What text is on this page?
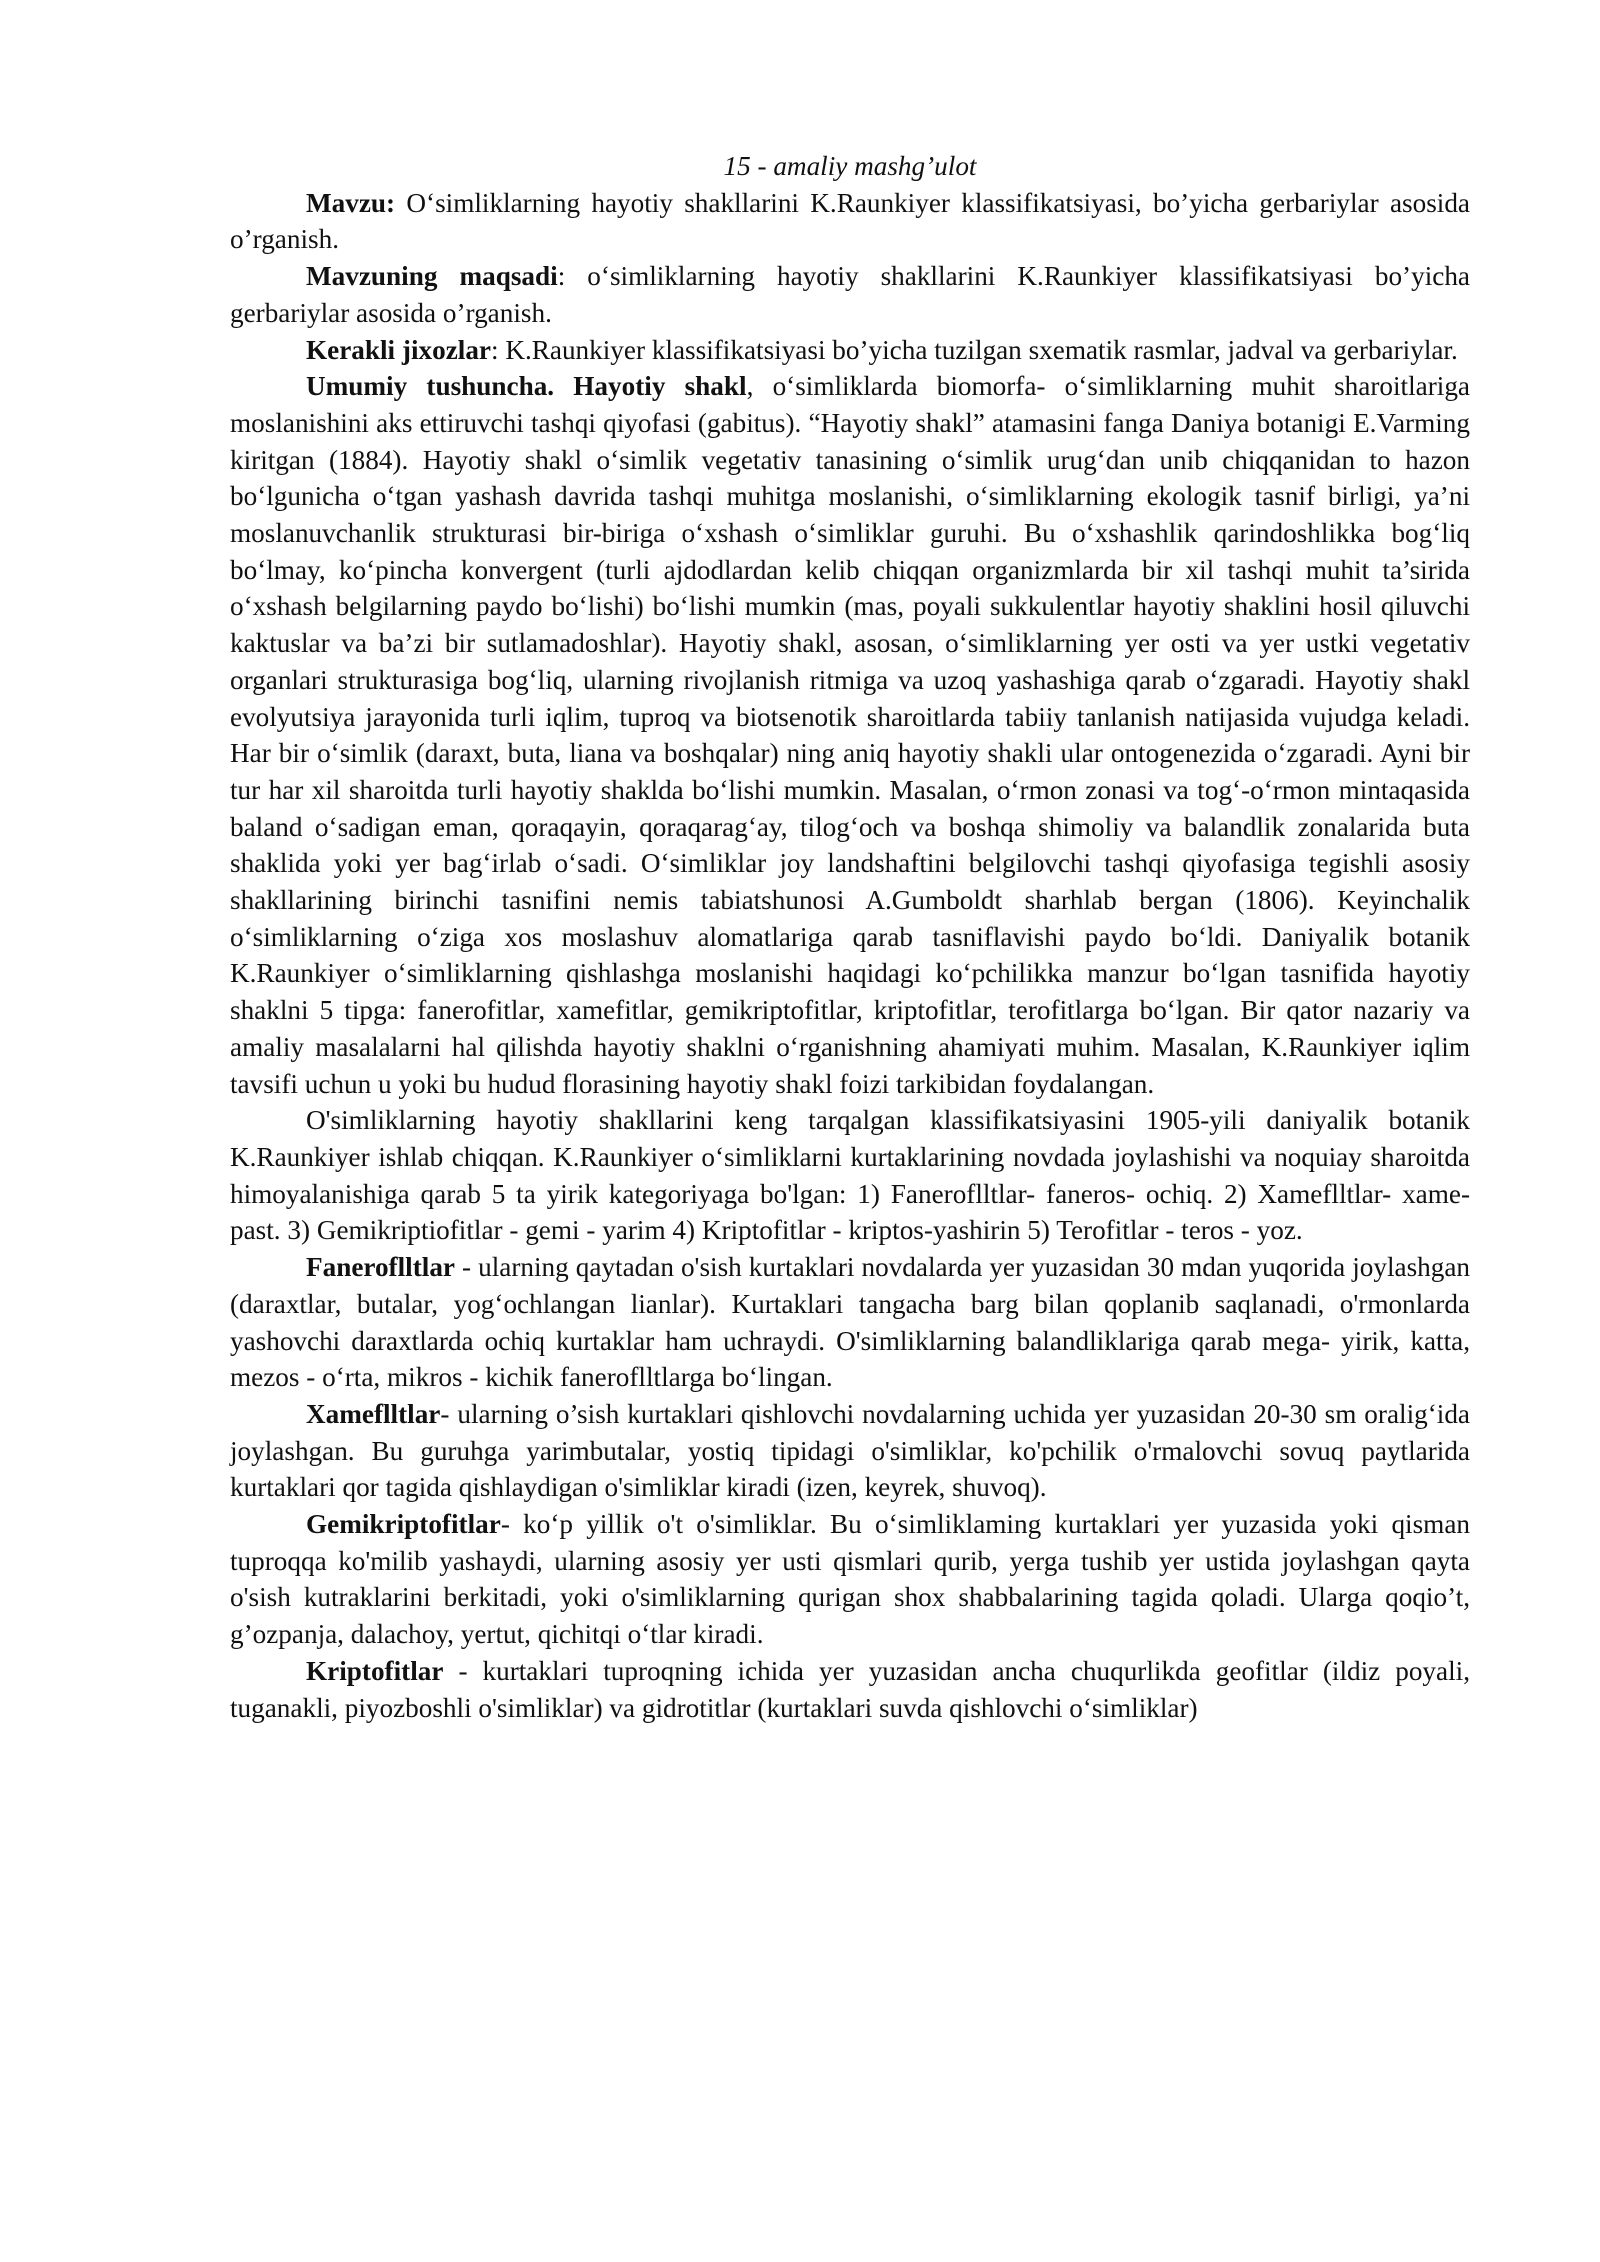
15 - amaliy mashg’ulot

Mavzu: O‘simliklarning hayotiy shakllarini K.Raunkiyer klassifikatsiyasi, bo’yicha gerbariylar asosida o’rganish.

Mavzuning maqsadi: o‘simliklarning hayotiy shakllarini K.Raunkiyer klassifikatsiyasi bo’yicha gerbariylar asosida o’rganish.

Kerakli jixozlar: K.Raunkiyer klassifikatsiyasi bo’yicha tuzilgan sxematik rasmlar, jadval va gerbariylar.

Umumiy tushuncha. Hayotiy shakl, o‘simliklarda biomorfa- o‘simliklarning muhit sharoitlariga moslanishini aks ettiruvchi tashqi qiyofasi (gabitus). “Hayotiy shakl” atamasini fanga Daniya botanigi E.Varming kiritgan (1884). Hayotiy shakl o‘simlik vegetativ tanasining o‘simlik urug‘dan unib chiqqanidan to hazon bo‘lgunicha o‘tgan yashash davrida tashqi muhitga moslanishi, o‘simliklarning ekologik tasnif birligi, ya’ni moslanuvchanlik strukturasi bir-biriga o‘xshash o‘simliklar guruhi. Bu o‘xshashlik qarindoshlikka bog‘liq bo‘lmay, ko‘pincha konvergent (turli ajdodlardan kelib chiqqan organizmlarda bir xil tashqi muhit ta’sirida o‘xshash belgilarning paydo bo‘lishi) bo‘lishi mumkin (mas, poyali sukkulentlar hayotiy shaklini hosil qiluvchi kaktuslar va ba’zi bir sutlamadoshlar). Hayotiy shakl, asosan, o‘simliklarning yer osti va yer ustki vegetativ organlari strukturasiga bog‘liq, ularning rivojlanish ritmiga va uzoq yashashiga qarab o‘zgaradi. Hayotiy shakl evolyutsiya jarayonida turli iqlim, tuproq va biotsenotik sharoitlarda tabiiy tanlanish natijasida vujudga keladi. Har bir o‘simlik (daraxt, buta, liana va boshqalar) ning aniq hayotiy shakli ular ontogenezida o‘zgaradi. Ayni bir tur har xil sharoitda turli hayotiy shaklda bo‘lishi mumkin. Masalan, o‘rmon zonasi va tog‘-o‘rmon mintaqasida baland o‘sadigan eman, qoraqayin, qoraqarag‘ay, tilog‘och va boshqa shimoliy va balandlik zonalarida buta shaklida yoki yer bag‘irlab o‘sadi. O‘simliklar joy landshaftini belgilovchi tashqi qiyofasiga tegishli asosiy shakllarining birinchi tasnifini nemis tabiatshunosi A.Gumboldt sharhlab bergan (1806). Keyinchalik o‘simliklarning o‘ziga xos moslashuv alomatlariga qarab tasniflavishi paydo bo‘ldi. Daniyalik botanik K.Raunkiyer o‘simliklarning qishlashga moslanishi haqidagi ko‘pchilikka manzur bo‘lgan tasnifida hayotiy shaklni 5 tipga: fanerofitlar, xamefitlar, gemikriptofitlar, kriptofitlar, terofitlarga bo‘lgan. Bir qator nazariy va amaliy masalalarni hal qilishda hayotiy shaklni o‘rganishning ahamiyati muhim. Masalan, K.Raunkiyer iqlim tavsifi uchun u yoki bu hudud florasining hayotiy shakl foizi tarkibidan foydalangan.

O'simliklarning hayotiy shakllarini keng tarqalgan klassifikatsiyasini 1905-yili daniyalik botanik K.Raunkiyer ishlab chiqqan. K.Raunkiyer o‘simliklarni kurtaklarining novdada joylashishi va noquiay sharoitda himoyalanishiga qarab 5 ta yirik kategoriyaga bo'lgan: 1) Faneroflltlar- faneros- ochiq. 2) Xameflltlar- xame- past. 3) Gemikriptiofitlar - gemi - yarim 4) Kriptofitlar - kriptos-yashirin 5) Terofitlar - teros - yoz.

Faneroflltlar - ularning qaytadan o'sish kurtaklari novdalarda yer yuzasidan 30 mdan yuqorida joylashgan (daraxtlar, butalar, yog‘ochlangan lianlar). Kurtaklari tangacha barg bilan qoplanib saqlanadi, o'rmonlarda yashovchi daraxtlarda ochiq kurtaklar ham uchraydi. O'simliklarning balandliklariga qarab mega- yirik, katta, mezos - o‘rta, mikros - kichik faneroflltlarga bo‘lingan.

Xameflltlar- ularning o’sish kurtaklari qishlovchi novdalarning uchida yer yuzasidan 20-30 sm oralig‘ida joylashgan. Bu guruhga yarimbutalar, yostiq tipidagi o'simliklar, ko'pchilik o'rmalovchi sovuq paytlarida kurtaklari qor tagida qishlaydigan o'simliklar kiradi (izen, keyrek, shuvoq).

Gemikriptofitlar- ko‘p yillik o't o'simliklar. Bu o‘simliklaming kurtaklari yer yuzasida yoki qisman tuproqqa ko'milib yashaydi, ularning asosiy yer usti qismlari qurib, yerga tushib yer ustida joylashgan qayta o'sish kutraklarini berkitadi, yoki o'simliklarning qurigan shox shabbalarining tagida qoladi. Ularga qoqio’t, g’ozpanja, dalachoy, yertut, qichitqi o‘tlar kiradi.

Kriptofitlar - kurtaklari tuproqning ichida yer yuzasidan ancha chuqurlikda geofitlar (ildiz poyali, tuganakli, piyozboshli o'simliklar) va gidrotitlar (kurtaklari suvda qishlovchi o‘simliklar)
